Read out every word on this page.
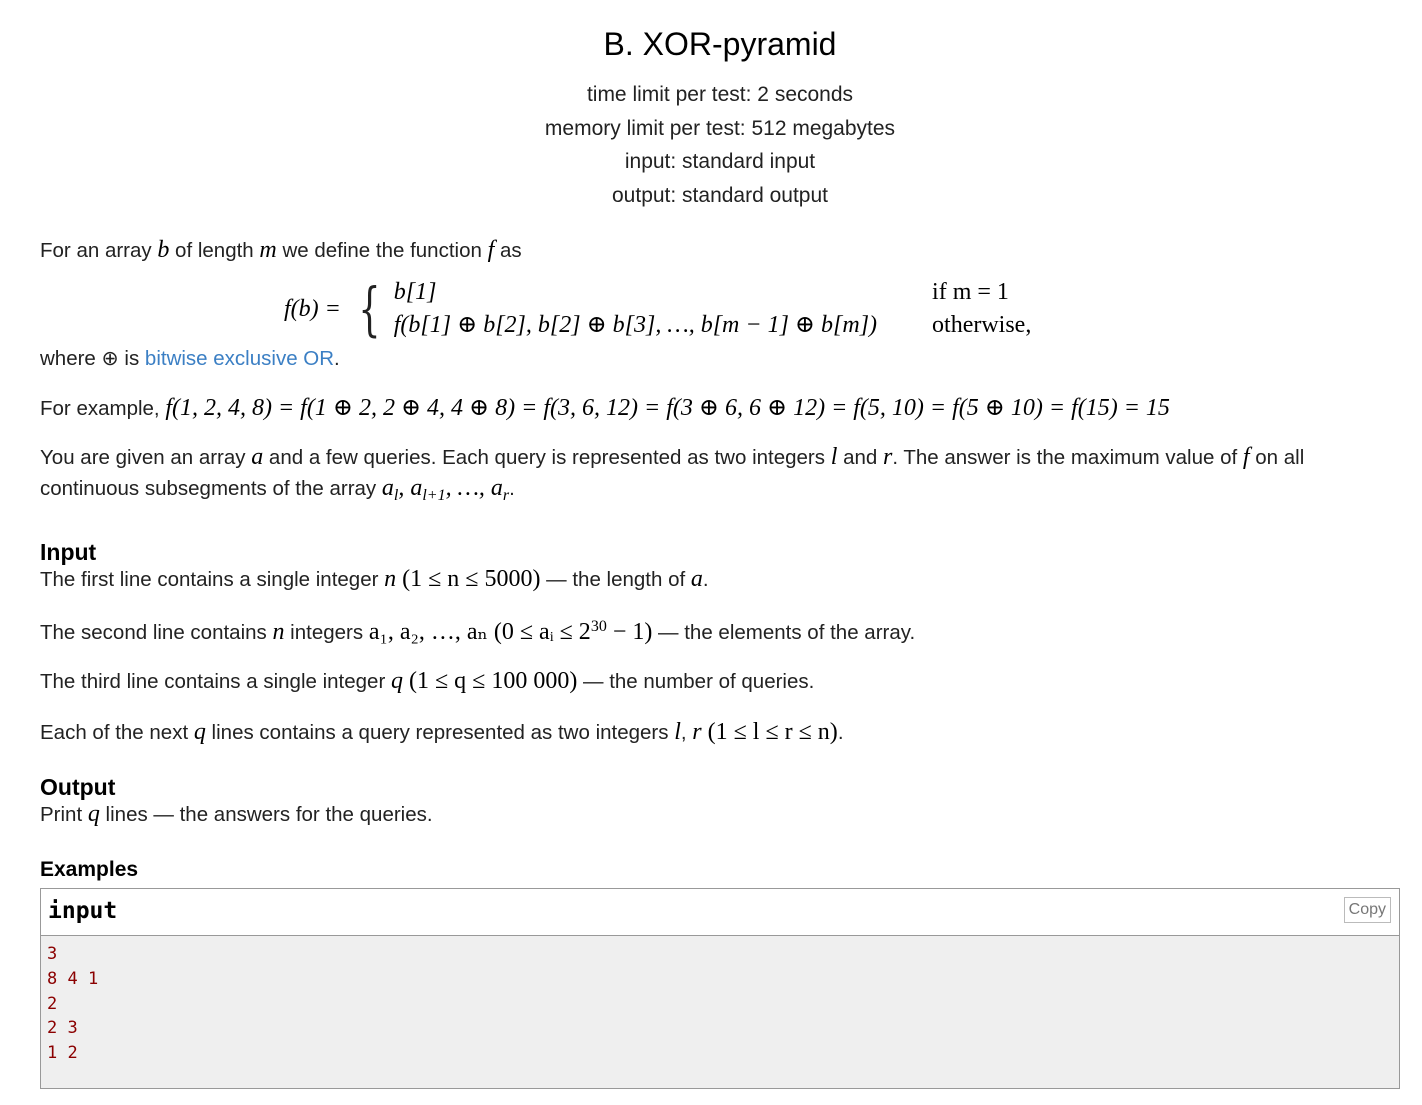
B. XOR-pyramid
time limit per test: 2 seconds
memory limit per test: 512 megabytes
input: standard input
output: standard output

For an array b of length m we define the function f as

f(b) = { b[1]
f(b[1] ⊕ b[2], b[2] ⊕ b[3], …, b[m − 1] ⊕ b[m])
if m = 1
otherwise,

where ⊕ is bitwise exclusive OR.

For example, f(1, 2, 4, 8) = f(1 ⊕ 2, 2 ⊕ 4, 4 ⊕ 8) = f(3, 6, 12) = f(3 ⊕ 6, 6 ⊕ 12) = f(5, 10) = f(5 ⊕ 10) = f(15) = 15

You are given an array a and a few queries. Each query is represented as two integers l and r. The answer is the maximum value of f on all continuous subsegments of the array $a_l$, $a_{l+1}$, …, $a_r$.

Input

The first line contains a single integer n (1 ≤ n ≤ 5000) — the length of a.

The second line contains n integers a₁, a₂, …, aₙ (0 ≤ aᵢ ≤ $2^{30} - 1$) — the elements of the array.

The third line contains a single integer q (1 ≤ q ≤ 100 000) — the number of queries.

Each of the next q lines contains a query represented as two integers l, r (1 ≤ l ≤ r ≤ n).

Output

Print q lines — the answers for the queries.

Examples
input	Copy
3
8 4 1
2
2 3
1 2
